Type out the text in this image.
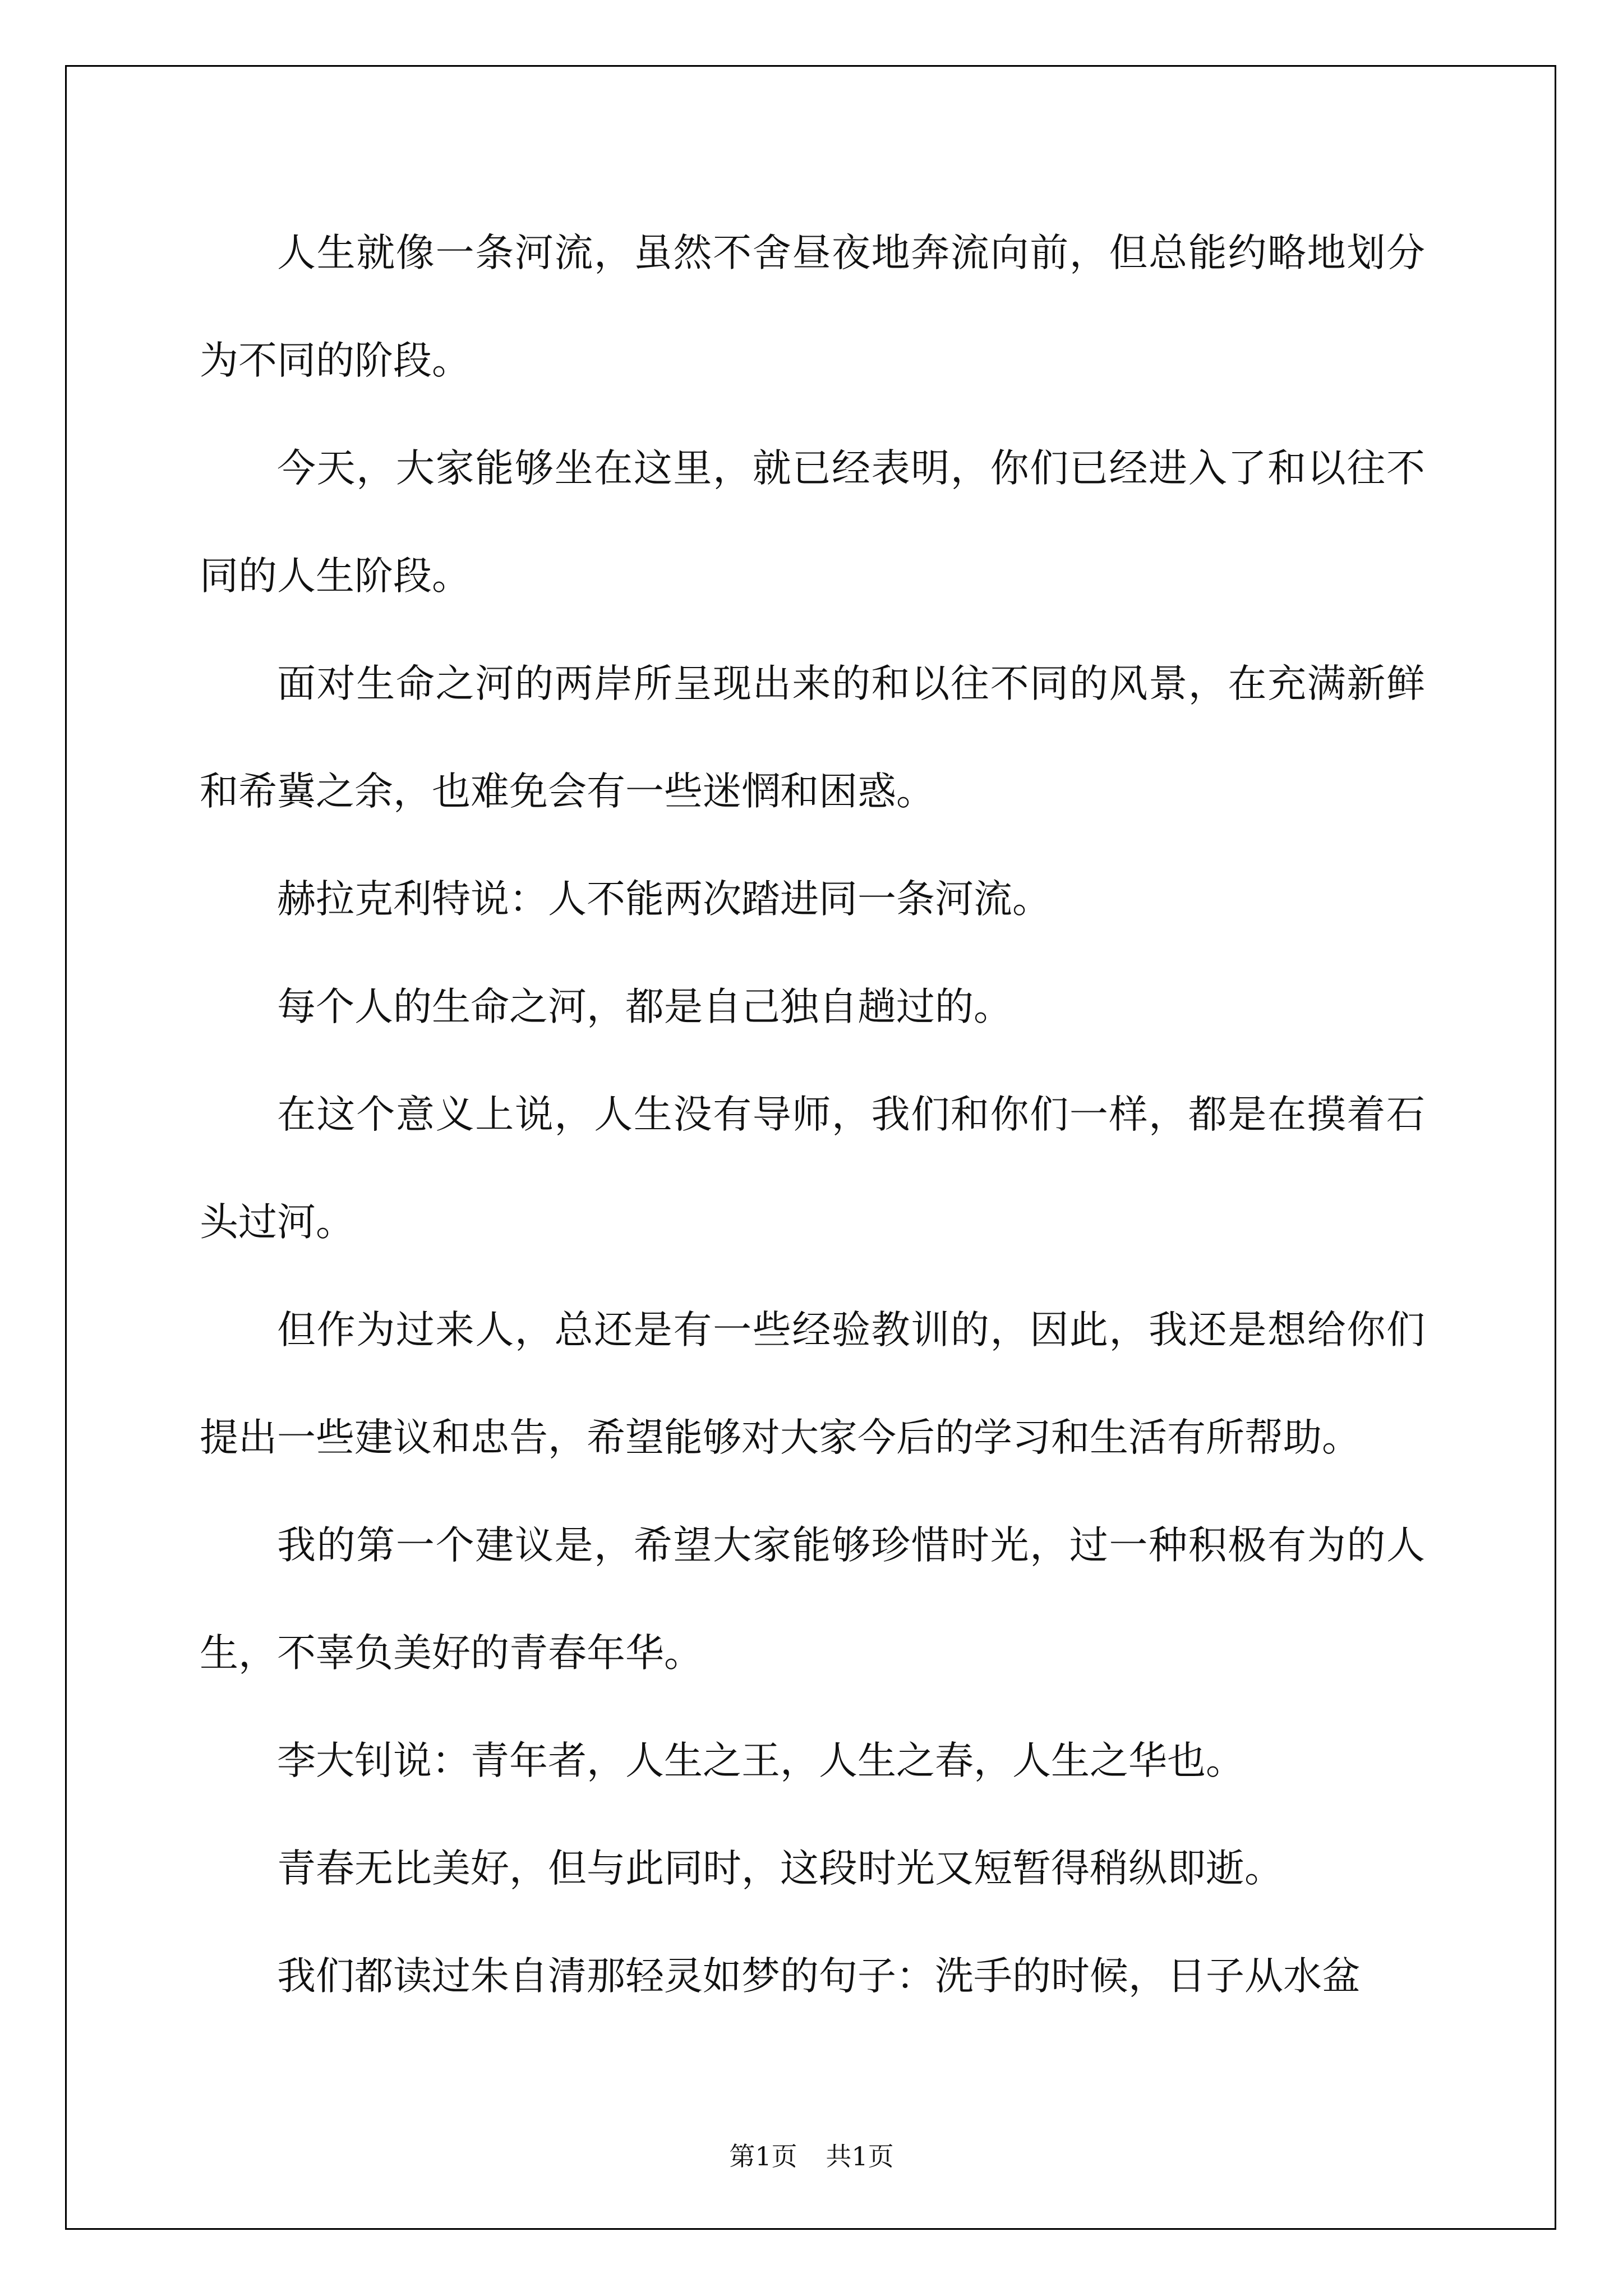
人生就像一条河流，虽然不舍昼夜地奔流向前，但总能约略地划分为不同的阶段。

今天，大家能够坐在这里，就已经表明，你们已经进入了和以往不同的人生阶段。

面对生命之河的两岸所呈现出来的和以往不同的风景，在充满新鲜和希冀之余，也难免会有一些迷惘和困惑。

赫拉克利特说：人不能两次踏进同一条河流。

每个人的生命之河，都是自己独自趟过的。

在这个意义上说，人生没有导师，我们和你们一样，都是在摸着石头过河。

但作为过来人，总还是有一些经验教训的，因此，我还是想给你们提出一些建议和忠告，希望能够对大家今后的学习和生活有所帮助。

我的第一个建议是，希望大家能够珍惜时光，过一种积极有为的人生，不辜负美好的青春年华。

李大钊说：青年者，人生之王，人生之春，人生之华也。

青春无比美好，但与此同时，这段时光又短暂得稍纵即逝。

我们都读过朱自清那轻灵如梦的句子：洗手的时候，日子从水盆

第1页 共1页
